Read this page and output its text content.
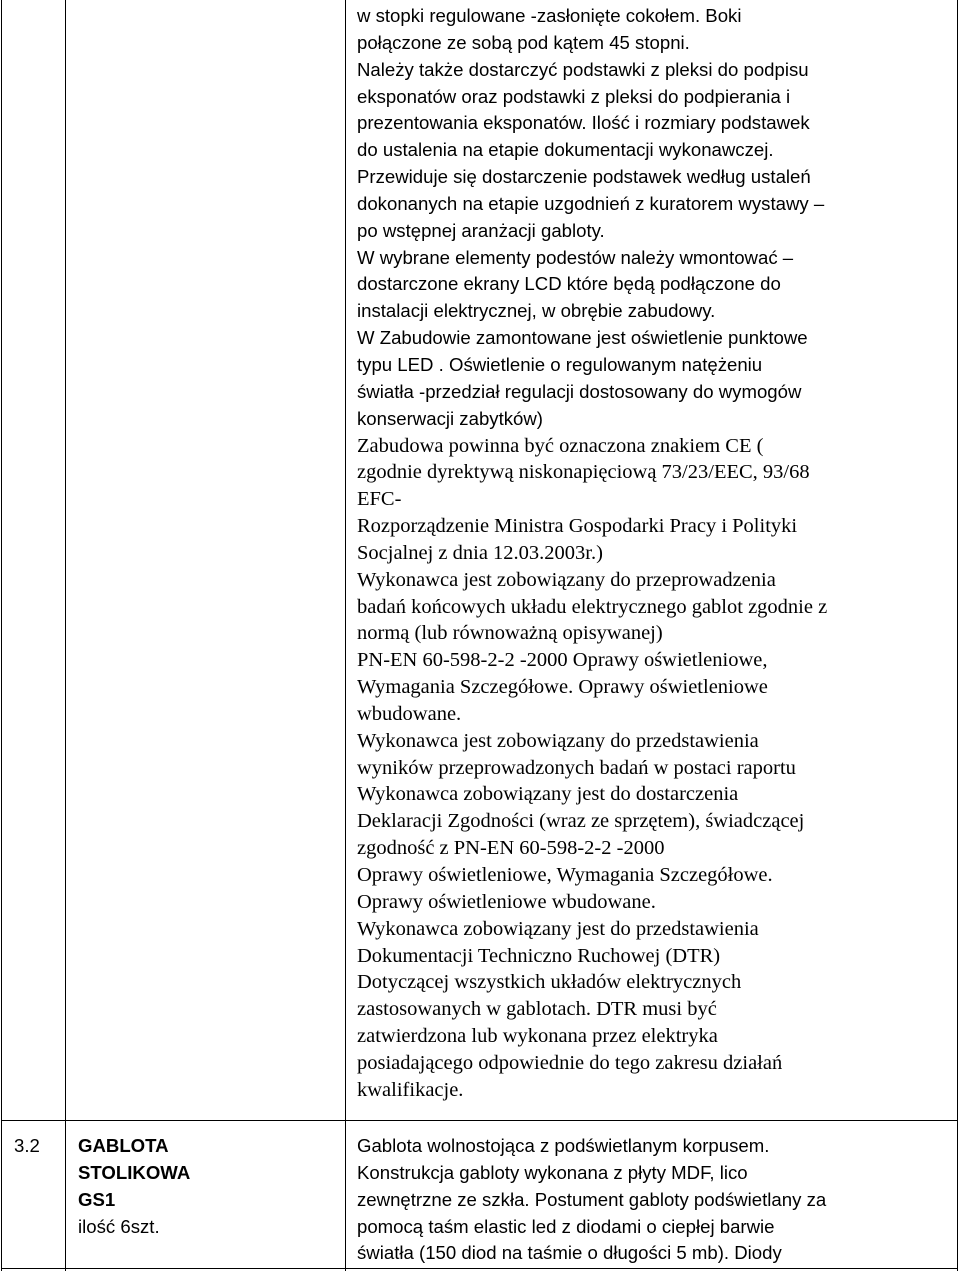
w stopki regulowane -zasłonięte cokołem. Boki
połączone ze sobą pod kątem 45 stopni.
Należy także dostarczyć podstawki z pleksi do podpisu
eksponatów oraz podstawki z pleksi do podpierania i
prezentowania eksponatów. Ilość i rozmiary podstawek
do ustalenia na etapie dokumentacji wykonawczej.
Przewiduje się dostarczenie podstawek według ustaleń
dokonanych na etapie uzgodnień z kuratorem wystawy –
po wstępnej aranżacji gabloty.
W wybrane elementy podestów należy wmontować –
dostarczone ekrany LCD które będą podłączone do
instalacji elektrycznej, w obrębie zabudowy.
W Zabudowie zamontowane jest oświetlenie punktowe
typu LED . Oświetlenie o regulowanym natężeniu
światła -przedział regulacji dostosowany do wymogów
konserwacji zabytków)
Zabudowa powinna być oznaczona znakiem CE (
zgodnie dyrektywą niskonapięciową 73/23/EEC, 93/68
EFC-
Rozporządzenie Ministra Gospodarki Pracy i Polityki
Socjalnej z dnia 12.03.2003r.)
Wykonawca jest zobowiązany do przeprowadzenia
badań końcowych układu elektrycznego gablot zgodnie z
normą (lub równoważną opisywanej)
PN-EN 60-598-2-2 -2000 Oprawy oświetleniowe,
Wymagania Szczegółowe. Oprawy oświetleniowe
wbudowane.
Wykonawca jest zobowiązany do przedstawienia
wyników przeprowadzonych badań w postaci raportu
Wykonawca zobowiązany jest do dostarczenia
Deklaracji Zgodności (wraz ze sprzętem), świadczącej
zgodność z PN-EN 60-598-2-2 -2000
Oprawy oświetleniowe, Wymagania Szczegółowe.
Oprawy oświetleniowe wbudowane.
Wykonawca zobowiązany jest do przedstawienia
Dokumentacji Techniczno Ruchowej (DTR)
Dotyczącej wszystkich układów elektrycznych
zastosowanych w gablotach. DTR musi być
zatwierdzona lub wykonana przez elektryka
posiadającego odpowiednie do tego zakresu działań
kwalifikacje.
3.2 GABLOTA
STOLIKOWA
GS1
ilość 6szt.
Gablota wolnostojąca z podświetlanym korpusem.
Konstrukcja gabloty wykonana z płyty MDF, lico
zewnętrzne ze szkła. Postument gabloty podświetlany za
pomocą taśm elastic led z diodami o ciepłej barwie
światła (150 diod na taśmie o długości 5 mb). Diody
